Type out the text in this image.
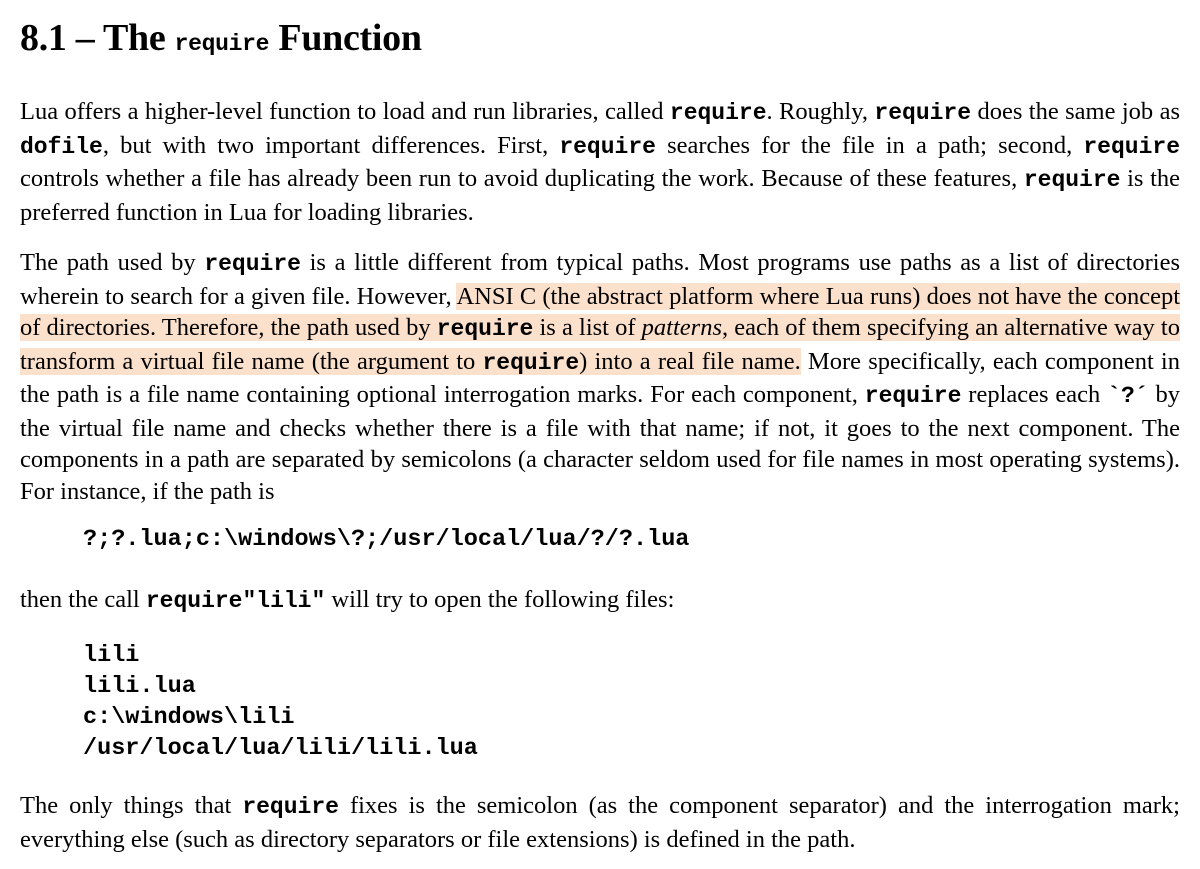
8.1 – The require Function

Lua offers a higher-level function to load and run libraries, called require. Roughly, require does the same job as dofile, but with two important differences. First, require searches for the file in a path; second, require controls whether a file has already been run to avoid duplicating the work. Because of these features, require is the preferred function in Lua for loading libraries.

The path used by require is a little different from typical paths. Most programs use paths as a list of directories wherein to search for a given file. However, ANSI C (the abstract platform where Lua runs) does not have the concept of directories. Therefore, the path used by require is a list of patterns, each of them specifying an alternative way to transform a virtual file name (the argument to require) into a real file name. More specifically, each component in the path is a file name containing optional interrogation marks. For each component, require replaces each `?´ by the virtual file name and checks whether there is a file with that name; if not, it goes to the next component. The components in a path are separated by semicolons (a character seldom used for file names in most operating systems). For instance, if the path is

?;?.lua;c:\windows\?;/usr/local/lua/?/?.lua

then the call require"lili" will try to open the following files:

lili
lili.lua
c:\windows\lili
/usr/local/lua/lili/lili.lua

The only things that require fixes is the semicolon (as the component separator) and the interrogation mark; everything else (such as directory separators or file extensions) is defined in the path.
